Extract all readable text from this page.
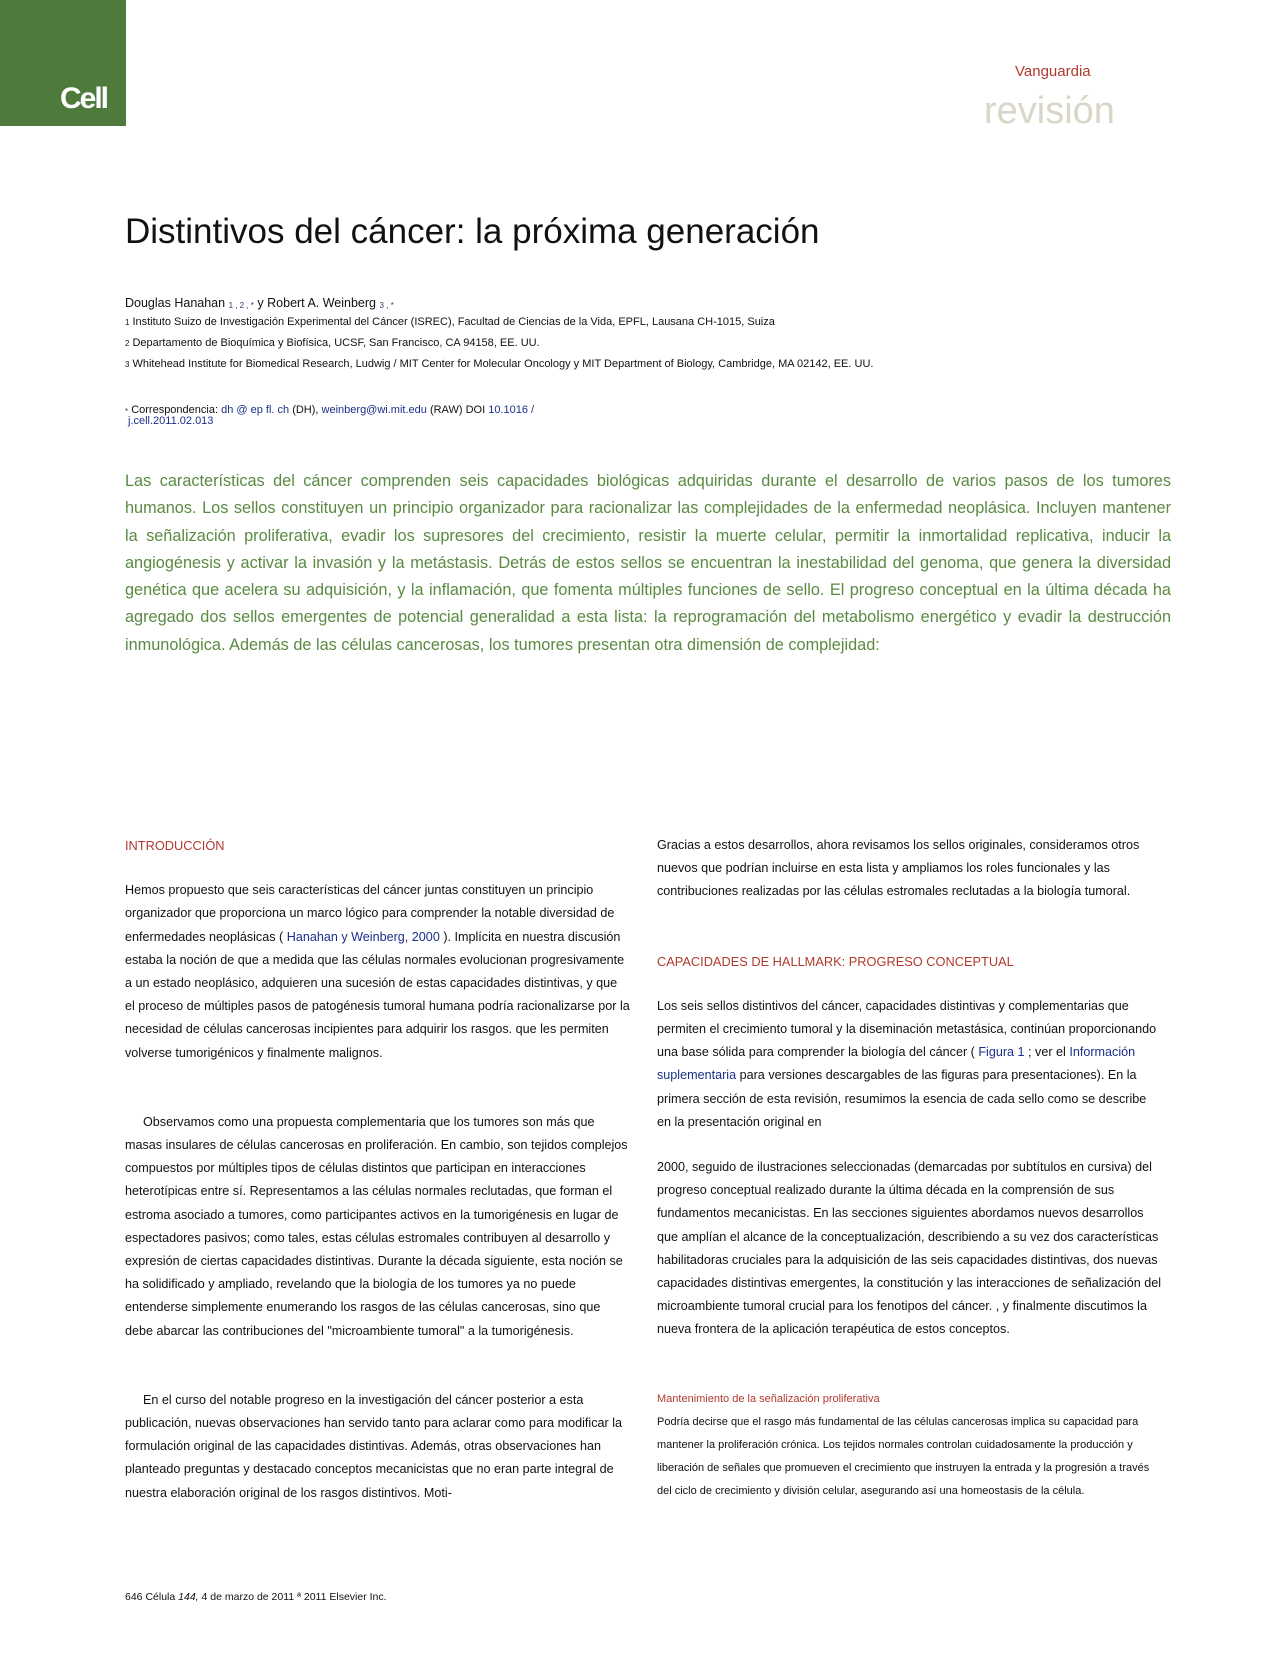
Cell
Vanguardia
revisión
Distintivos del cáncer: la próxima generación
Douglas Hanahan 1 , 2 , * y Robert A. Weinberg 3 , *
1 Instituto Suizo de Investigación Experimental del Cáncer (ISREC), Facultad de Ciencias de la Vida, EPFL, Lausana CH-1015, Suiza
2 Departamento de Bioquímica y Biofísica, UCSF, San Francisco, CA 94158, EE. UU.
3 Whitehead Institute for Biomedical Research, Ludwig / MIT Center for Molecular Oncology y MIT Department of Biology, Cambridge, MA 02142, EE. UU.
* Correspondencia: dh @ ep fl. ch (DH), weinberg@wi.mit.edu (RAW) DOI 10.1016 /
j.cell.2011.02.013

Las características del cáncer comprenden seis capacidades biológicas adquiridas durante el desarrollo de varios pasos de los tumores humanos. Los sellos constituyen un principio organizador para racionalizar las complejidades de la enfermedad neoplásica. Incluyen mantener la señalización proliferativa, evadir los supresores del crecimiento, resistir la muerte celular, permitir la inmortalidad replicativa, inducir la angiogénesis y activar la invasión y la metástasis. Detrás de estos sellos se encuentran la inestabilidad del genoma, que genera la diversidad genética que acelera su adquisición, y la inflamación, que fomenta múltiples funciones de sello. El progreso conceptual en la última década ha agregado dos sellos emergentes de potencial generalidad a esta lista: la reprogramación del metabolismo energético y evadir la destrucción inmunológica. Además de las células cancerosas, los tumores presentan otra dimensión de complejidad:

INTRODUCCIÓN

Hemos propuesto que seis características del cáncer juntas constituyen un principio organizador que proporciona un marco lógico para comprender la notable diversidad de enfermedades neoplásicas ( Hanahan y Weinberg, 2000 ). Implícita en nuestra discusión estaba la noción de que a medida que las células normales evolucionan progresivamente a un estado neoplásico, adquieren una sucesión de estas capacidades distintivas, y que el proceso de múltiples pasos de patogénesis tumoral humana podría racionalizarse por la necesidad de células cancerosas incipientes para adquirir los rasgos. que les permiten volverse tumorigénicos y finalmente malignos.

Observamos como una propuesta complementaria que los tumores son más que masas insulares de células cancerosas en proliferación. En cambio, son tejidos complejos compuestos por múltiples tipos de células distintos que participan en interacciones heterotípicas entre sí. Representamos a las células normales reclutadas, que forman el estroma asociado a tumores, como participantes activos en la tumorigénesis en lugar de espectadores pasivos; como tales, estas células estromales contribuyen al desarrollo y expresión de ciertas capacidades distintivas. Durante la década siguiente, esta noción se ha solidificado y ampliado, revelando que la biología de los tumores ya no puede entenderse simplemente enumerando los rasgos de las células cancerosas, sino que debe abarcar las contribuciones del "microambiente tumoral" a la tumorigénesis.

En el curso del notable progreso en la investigación del cáncer posterior a esta publicación, nuevas observaciones han servido tanto para aclarar como para modificar la formulación original de las capacidades distintivas. Además, otras observaciones han planteado preguntas y destacado conceptos mecanicistas que no eran parte integral de nuestra elaboración original de los rasgos distintivos. Moti-

Gracias a estos desarrollos, ahora revisamos los sellos originales, consideramos otros nuevos que podrían incluirse en esta lista y ampliamos los roles funcionales y las contribuciones realizadas por las células estromales reclutadas a la biología tumoral.

CAPACIDADES DE HALLMARK: PROGRESO CONCEPTUAL

Los seis sellos distintivos del cáncer, capacidades distintivas y complementarias que permiten el crecimiento tumoral y la diseminación metastásica, continúan proporcionando una base sólida para comprender la biología del cáncer ( Figura 1 ; ver el Información suplementaria para versiones descargables de las figuras para presentaciones). En la primera sección de esta revisión, resumimos la esencia de cada sello como se describe en la presentación original en

2000, seguido de ilustraciones seleccionadas (demarcadas por subtítulos en cursiva) del progreso conceptual realizado durante la última década en la comprensión de sus fundamentos mecanicistas. En las secciones siguientes abordamos nuevos desarrollos que amplían el alcance de la conceptualización, describiendo a su vez dos características habilitadoras cruciales para la adquisición de las seis capacidades distintivas, dos nuevas capacidades distintivas emergentes, la constitución y las interacciones de señalización del microambiente tumoral crucial para los fenotipos del cáncer. , y finalmente discutimos la nueva frontera de la aplicación terapéutica de estos conceptos.

Mantenimiento de la señalización proliferativa

Podría decirse que el rasgo más fundamental de las células cancerosas implica su capacidad para mantener la proliferación crónica. Los tejidos normales controlan cuidadosamente la producción y liberación de señales que promueven el crecimiento que instruyen la entrada y la progresión a través del ciclo de crecimiento y división celular, asegurando así una homeostasis de la célula.

646 Célula 144, 4 de marzo de 2011 ª 2011 Elsevier Inc.
